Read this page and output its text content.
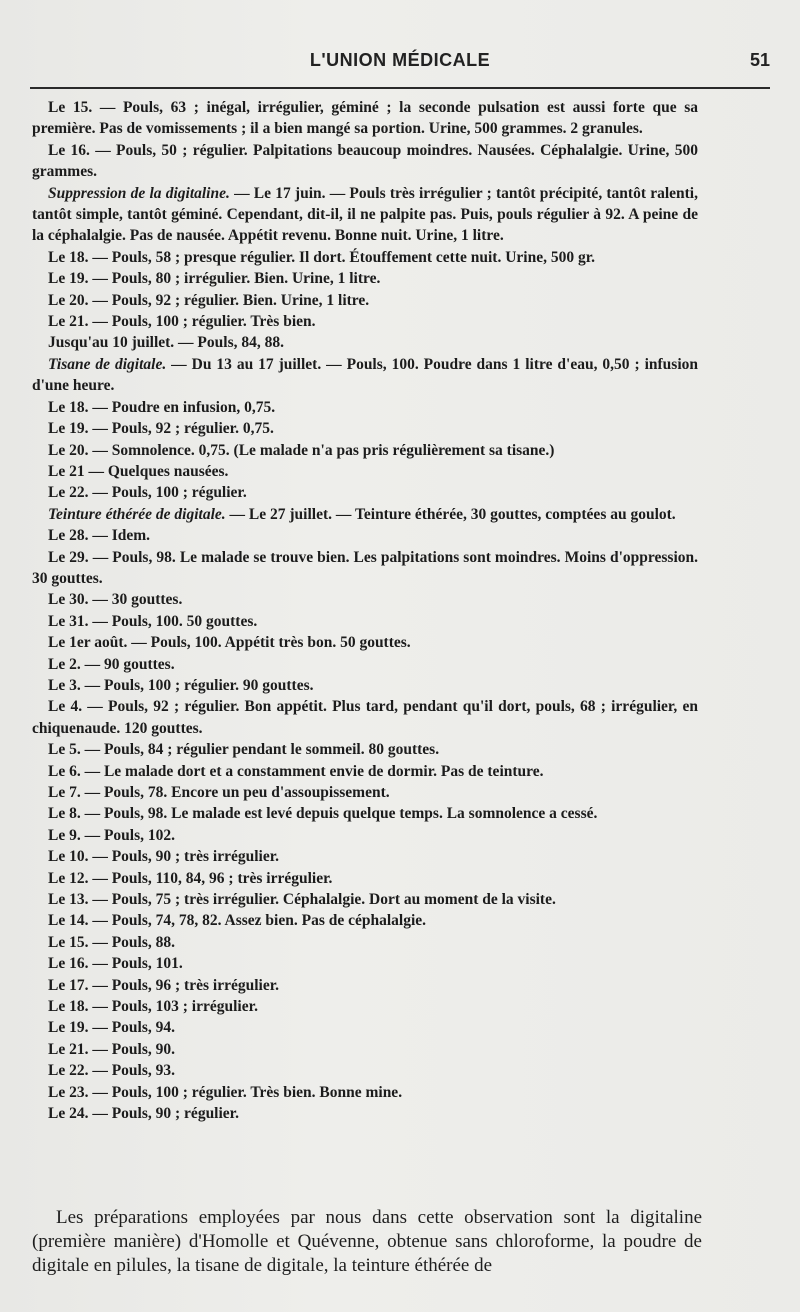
L'UNION MÉDICALE	51

Le 15. — Pouls, 63 ; inégal, irrégulier, géminé ; la seconde pulsation est aussi forte que sa première. Pas de vomissements ; il a bien mangé sa portion. Urine, 500 grammes. 2 granules.

Le 16. — Pouls, 50 ; régulier. Palpitations beaucoup moindres. Nausées. Céphalalgie. Urine, 500 grammes.

Suppression de la digitaline. — Le 17 juin. — Pouls très irrégulier ; tantôt précipité, tantôt ralenti, tantôt simple, tantôt géminé. Cependant, dit-il, il ne palpite pas. Puis, pouls régulier à 92. A peine de la céphalalgie. Pas de nausée. Appétit revenu. Bonne nuit. Urine, 1 litre.

Le 18. — Pouls, 58 ; presque régulier. Il dort. Étouffement cette nuit. Urine, 500 gr.

Le 19. — Pouls, 80 ; irrégulier. Bien. Urine, 1 litre.

Le 20. — Pouls, 92 ; régulier. Bien. Urine, 1 litre.

Le 21. — Pouls, 100 ; régulier. Très bien.

Jusqu'au 10 juillet. — Pouls, 84, 88.

Tisane de digitale. — Du 13 au 17 juillet. — Pouls, 100. Poudre dans 1 litre d'eau, 0,50 ; infusion d'une heure.

Le 18. — Poudre en infusion, 0,75.

Le 19. — Pouls, 92 ; régulier. 0,75.

Le 20. — Somnolence. 0,75. (Le malade n'a pas pris régulièrement sa tisane.)

Le 21 — Quelques nausées.

Le 22. — Pouls, 100 ; régulier.

Teinture éthérée de digitale. — Le 27 juillet. — Teinture éthérée, 30 gouttes, comptées au goulot.

Le 28. — Idem.

Le 29. — Pouls, 98. Le malade se trouve bien. Les palpitations sont moindres. Moins d'oppression. 30 gouttes.

Le 30. — 30 gouttes.

Le 31. — Pouls, 100. 50 gouttes.

Le 1er août. — Pouls, 100. Appétit très bon. 50 gouttes.

Le 2. — 90 gouttes.

Le 3. — Pouls, 100 ; régulier. 90 gouttes.

Le 4. — Pouls, 92 ; régulier. Bon appétit. Plus tard, pendant qu'il dort, pouls, 68 ; irrégulier, en chiquenaude. 120 gouttes.

Le 5. — Pouls, 84 ; régulier pendant le sommeil. 80 gouttes.

Le 6. — Le malade dort et a constamment envie de dormir. Pas de teinture.

Le 7. — Pouls, 78. Encore un peu d'assoupissement.

Le 8. — Pouls, 98. Le malade est levé depuis quelque temps. La somnolence a cessé.

Le 9. — Pouls, 102.

Le 10. — Pouls, 90 ; très irrégulier.

Le 12. — Pouls, 110, 84, 96 ; très irrégulier.

Le 13. — Pouls, 75 ; très irrégulier. Céphalalgie. Dort au moment de la visite.

Le 14. — Pouls, 74, 78, 82. Assez bien. Pas de céphalalgie.

Le 15. — Pouls, 88.

Le 16. — Pouls, 101.

Le 17. — Pouls, 96 ; très irrégulier.

Le 18. — Pouls, 103 ; irrégulier.

Le 19. — Pouls, 94.

Le 21. — Pouls, 90.

Le 22. — Pouls, 93.

Le 23. — Pouls, 100 ; régulier. Très bien. Bonne mine.

Le 24. — Pouls, 90 ; régulier.

Les préparations employées par nous dans cette observation sont la digitaline (première manière) d'Homolle et Quévenne, obtenue sans chloroforme, la poudre de digitale en pilules, la tisane de digitale, la teinture éthérée de
